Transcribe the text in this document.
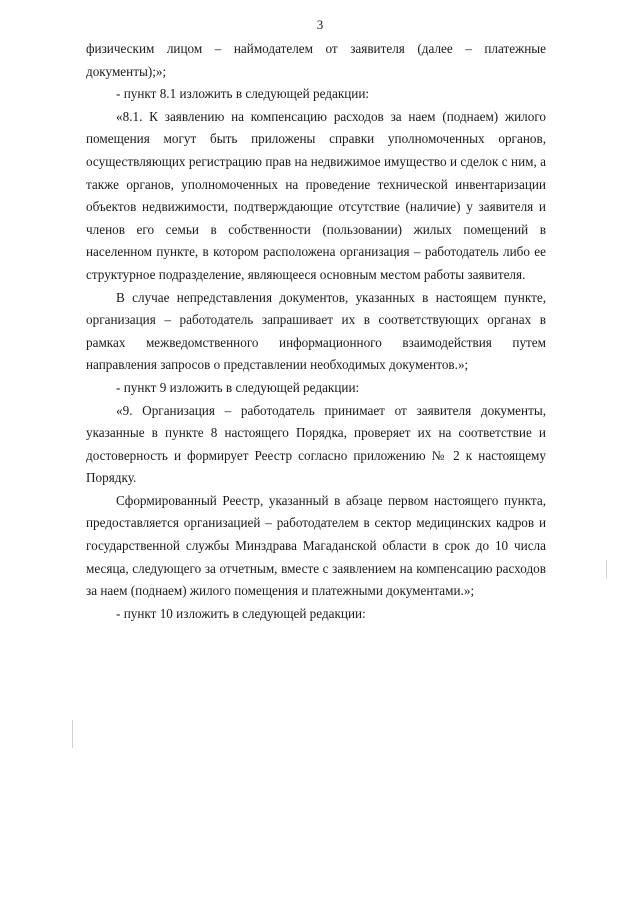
3

физическим лицом – наймодателем от заявителя (далее – платежные документы);»;

- пункт 8.1 изложить в следующей редакции:

«8.1. К заявлению на компенсацию расходов за наем (поднаем) жилого помещения могут быть приложены справки уполномоченных органов, осуществляющих регистрацию прав на недвижимое имущество и сделок с ним, а также органов, уполномоченных на проведение технической инвентаризации объектов недвижимости, подтверждающие отсутствие (наличие) у заявителя и членов его семьи в собственности (пользовании) жилых помещений в населенном пункте, в котором расположена организация – работодатель либо ее структурное подразделение, являющееся основным местом работы заявителя.

В случае непредставления документов, указанных в настоящем пункте, организация – работодатель запрашивает их в соответствующих органах в рамках межведомственного информационного взаимодействия путем направления запросов о представлении необходимых документов.»;

- пункт 9 изложить в следующей редакции:

«9. Организация – работодатель принимает от заявителя документы, указанные в пункте 8 настоящего Порядка, проверяет их на соответствие и достоверность и формирует Реестр согласно приложению № 2 к настоящему Порядку.

Сформированный Реестр, указанный в абзаце первом настоящего пункта, предоставляется организацией – работодателем в сектор медицинских кадров и государственной службы Минздрава Магаданской области в срок до 10 числа месяца, следующего за отчетным, вместе с заявлением на компенсацию расходов за наем (поднаем) жилого помещения и платежными документами.»;

- пункт 10 изложить в следующей редакции:
